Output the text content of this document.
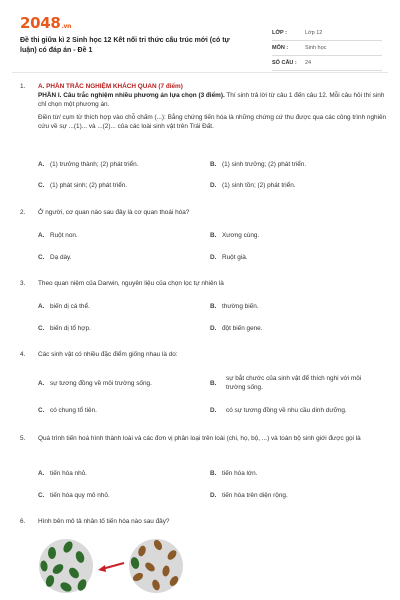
2048.vn
Đề thi giữa kì 2 Sinh học 12 Kết nối tri thức cấu trúc mới (có tự luận) có đáp án - Đề 1
LỚP :	Lớp 12
MÔN :	Sinh học
SỐ CÂU : 24
1. A. PHẦN TRẮC NGHIỆM KHÁCH QUAN (7 điểm)
PHẦN I. Câu trắc nghiệm nhiều phương án lựa chọn (3 điểm). Thí sinh trả lời từ câu 1 đến câu 12. Mỗi câu hỏi thí sinh chỉ chọn một phương án.
Điền từ/ cụm từ thích hợp vào chỗ chấm (...): Bằng chứng tiến hóa là những chứng cứ thu được qua các công trình nghiên cứu về sự ...(1)... và ...(2)... của các loài sinh vật trên Trái Đất.
A. (1) trưởng thành; (2) phát triển.	B. (1) sinh trưởng; (2) phát triển.
C. (1) phát sinh; (2) phát triển.	D. (1) sinh tồn; (2) phát triển.
2. Ở người, cơ quan nào sau đây là cơ quan thoái hóa?
A. Ruột non.	B. Xương cùng.
C. Dạ dày.	D. Ruột già.
3. Theo quan niệm của Darwin, nguyên liệu của chọn lọc tự nhiên là
A. biến dị cá thể.	B. thường biến.
C. biến dị tổ hợp.	D. đột biến gene.
4. Các sinh vật có nhiều đặc điểm giống nhau là do:
A. sự tương đồng về môi trường sống.	B.
sự bắt chước của sinh vật để thích nghi với môi trường sống.
C. có chung tổ tiên.	D. có sự tương đồng về nhu cầu dinh dưỡng.
5. Quá trình tiến hoá hình thành loài và các đơn vị phân loại trên loài (chi, họ, bộ, ...) và toàn bộ sinh giới được gọi là
A. tiến hóa nhỏ.	B. tiến hóa lớn.
C. tiến hóa quy mô nhỏ.	D. tiến hóa trên diện rộng.
6. Hình bên mô tả nhân tố tiến hóa nào sau đây?
